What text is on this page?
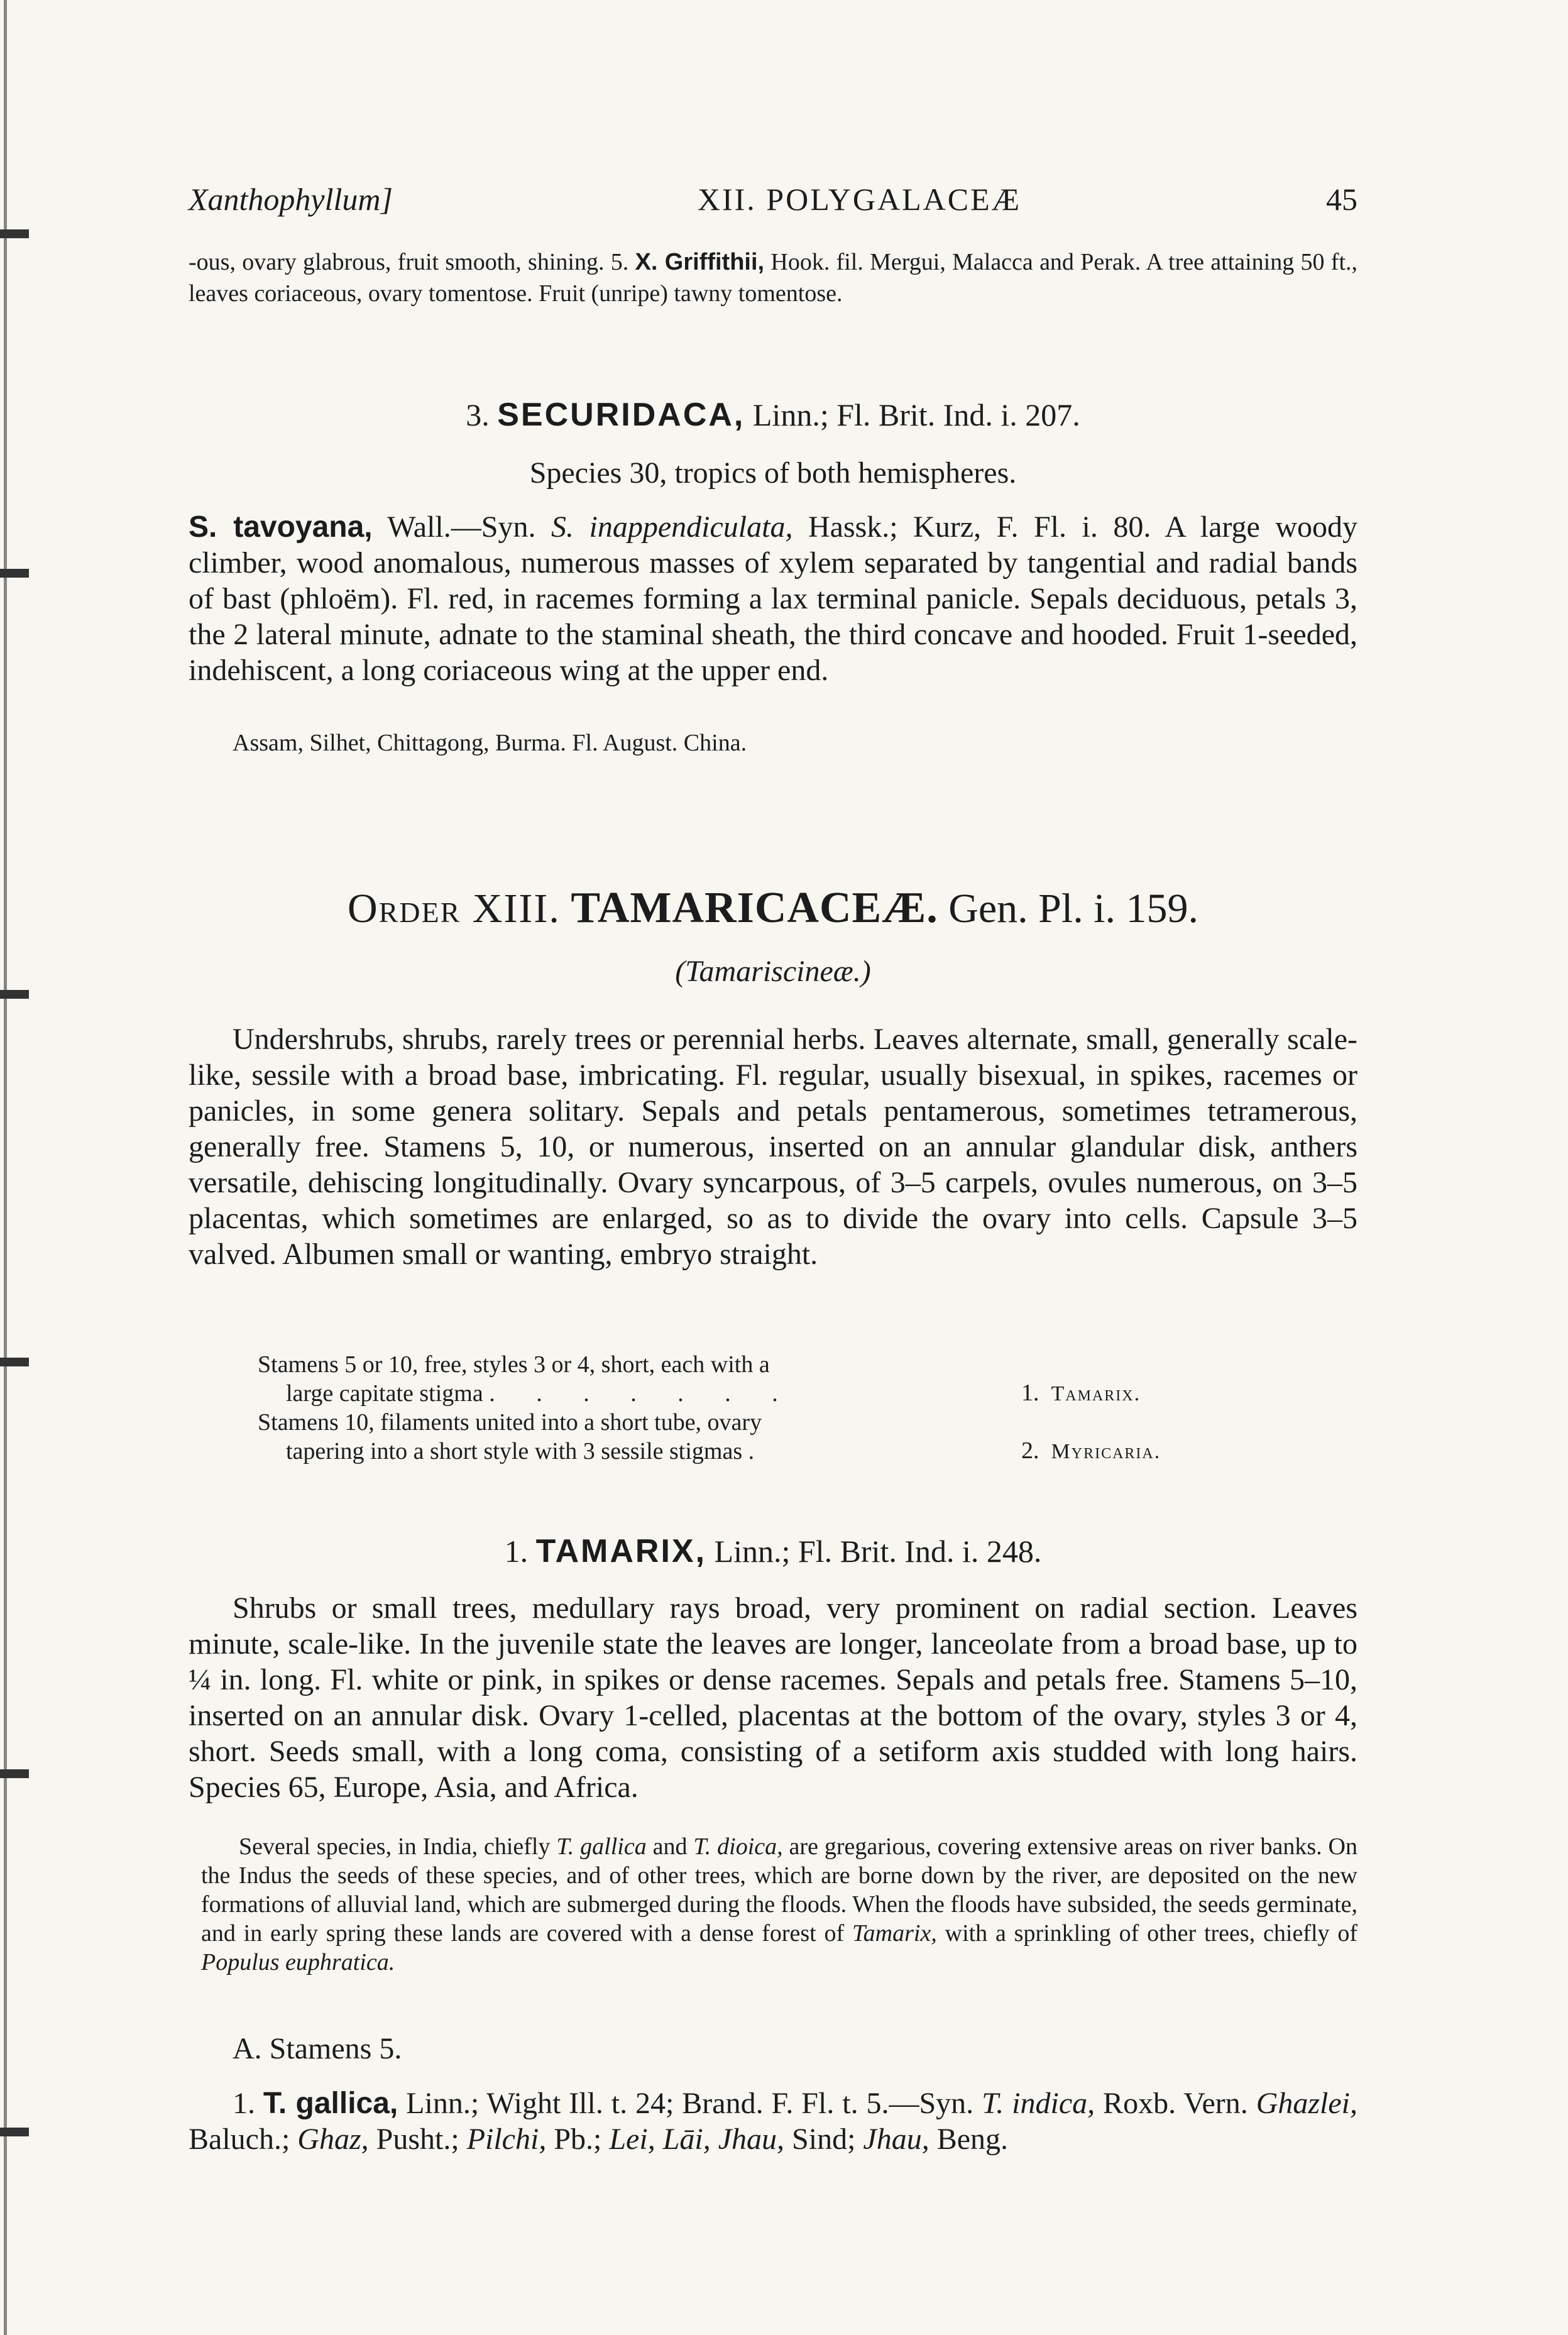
Xanthophyllum]	XII. POLYGALACEÆ	45
-ous, ovary glabrous, fruit smooth, shining. 5. X. Griffithii, Hook. fil. Mergui, Malacca and Perak. A tree attaining 50 ft., leaves coriaceous, ovary tomentose. Fruit (unripe) tawny tomentose.
3. SECURIDACA, Linn.; Fl. Brit. Ind. i. 207.
Species 30, tropics of both hemispheres.
S. tavoyana, Wall.—Syn. S. inappendiculata, Hassk.; Kurz, F. Fl. i. 80. A large woody climber, wood anomalous, numerous masses of xylem separated by tangential and radial bands of bast (phloëm). Fl. red, in racemes forming a lax terminal panicle. Sepals deciduous, petals 3, the 2 lateral minute, adnate to the staminal sheath, the third concave and hooded. Fruit 1-seeded, indehiscent, a long coriaceous wing at the upper end.
Assam, Silhet, Chittagong, Burma. Fl. August. China.
Order XIII. TAMARICACEÆ. Gen. Pl. i. 159.
(Tamariscineæ.)
Undershrubs, shrubs, rarely trees or perennial herbs. Leaves alternate, small, generally scale-like, sessile with a broad base, imbricating. Fl. regular, usually bisexual, in spikes, racemes or panicles, in some genera solitary. Sepals and petals pentamerous, sometimes tetramerous, generally free. Stamens 5, 10, or numerous, inserted on an annular glandular disk, anthers versatile, dehiscing longitudinally. Ovary syncarpous, of 3–5 carpels, ovules numerous, on 3–5 placentas, which sometimes are enlarged, so as to divide the ovary into cells. Capsule 3–5 valved. Albumen small or wanting, embryo straight.
Stamens 5 or 10, free, styles 3 or 4, short, each with a
large capitate stigma . . . . . . .	1. Tamarix.
Stamens 10, filaments united into a short tube, ovary
tapering into a short style with 3 sessile stigmas .	2. Myricaria.
1. TAMARIX, Linn.; Fl. Brit. Ind. i. 248.
Shrubs or small trees, medullary rays broad, very prominent on radial section. Leaves minute, scale-like. In the juvenile state the leaves are longer, lanceolate from a broad base, up to ¼ in. long. Fl. white or pink, in spikes or dense racemes. Sepals and petals free. Stamens 5–10, inserted on an annular disk. Ovary 1-celled, placentas at the bottom of the ovary, styles 3 or 4, short. Seeds small, with a long coma, consisting of a setiform axis studded with long hairs. Species 65, Europe, Asia, and Africa.
Several species, in India, chiefly T. gallica and T. dioica, are gregarious, covering extensive areas on river banks. On the Indus the seeds of these species, and of other trees, which are borne down by the river, are deposited on the new formations of alluvial land, which are submerged during the floods. When the floods have subsided, the seeds germinate, and in early spring these lands are covered with a dense forest of Tamarix, with a sprinkling of other trees, chiefly of Populus euphratica.
A. Stamens 5.
1. T. gallica, Linn.; Wight Ill. t. 24; Brand. F. Fl. t. 5.—Syn. T. indica, Roxb. Vern. Ghazlei, Baluch.; Ghaz, Pusht.; Pilchi, Pb.; Lei, Lāi, Jhau, Sind; Jhau, Beng.
